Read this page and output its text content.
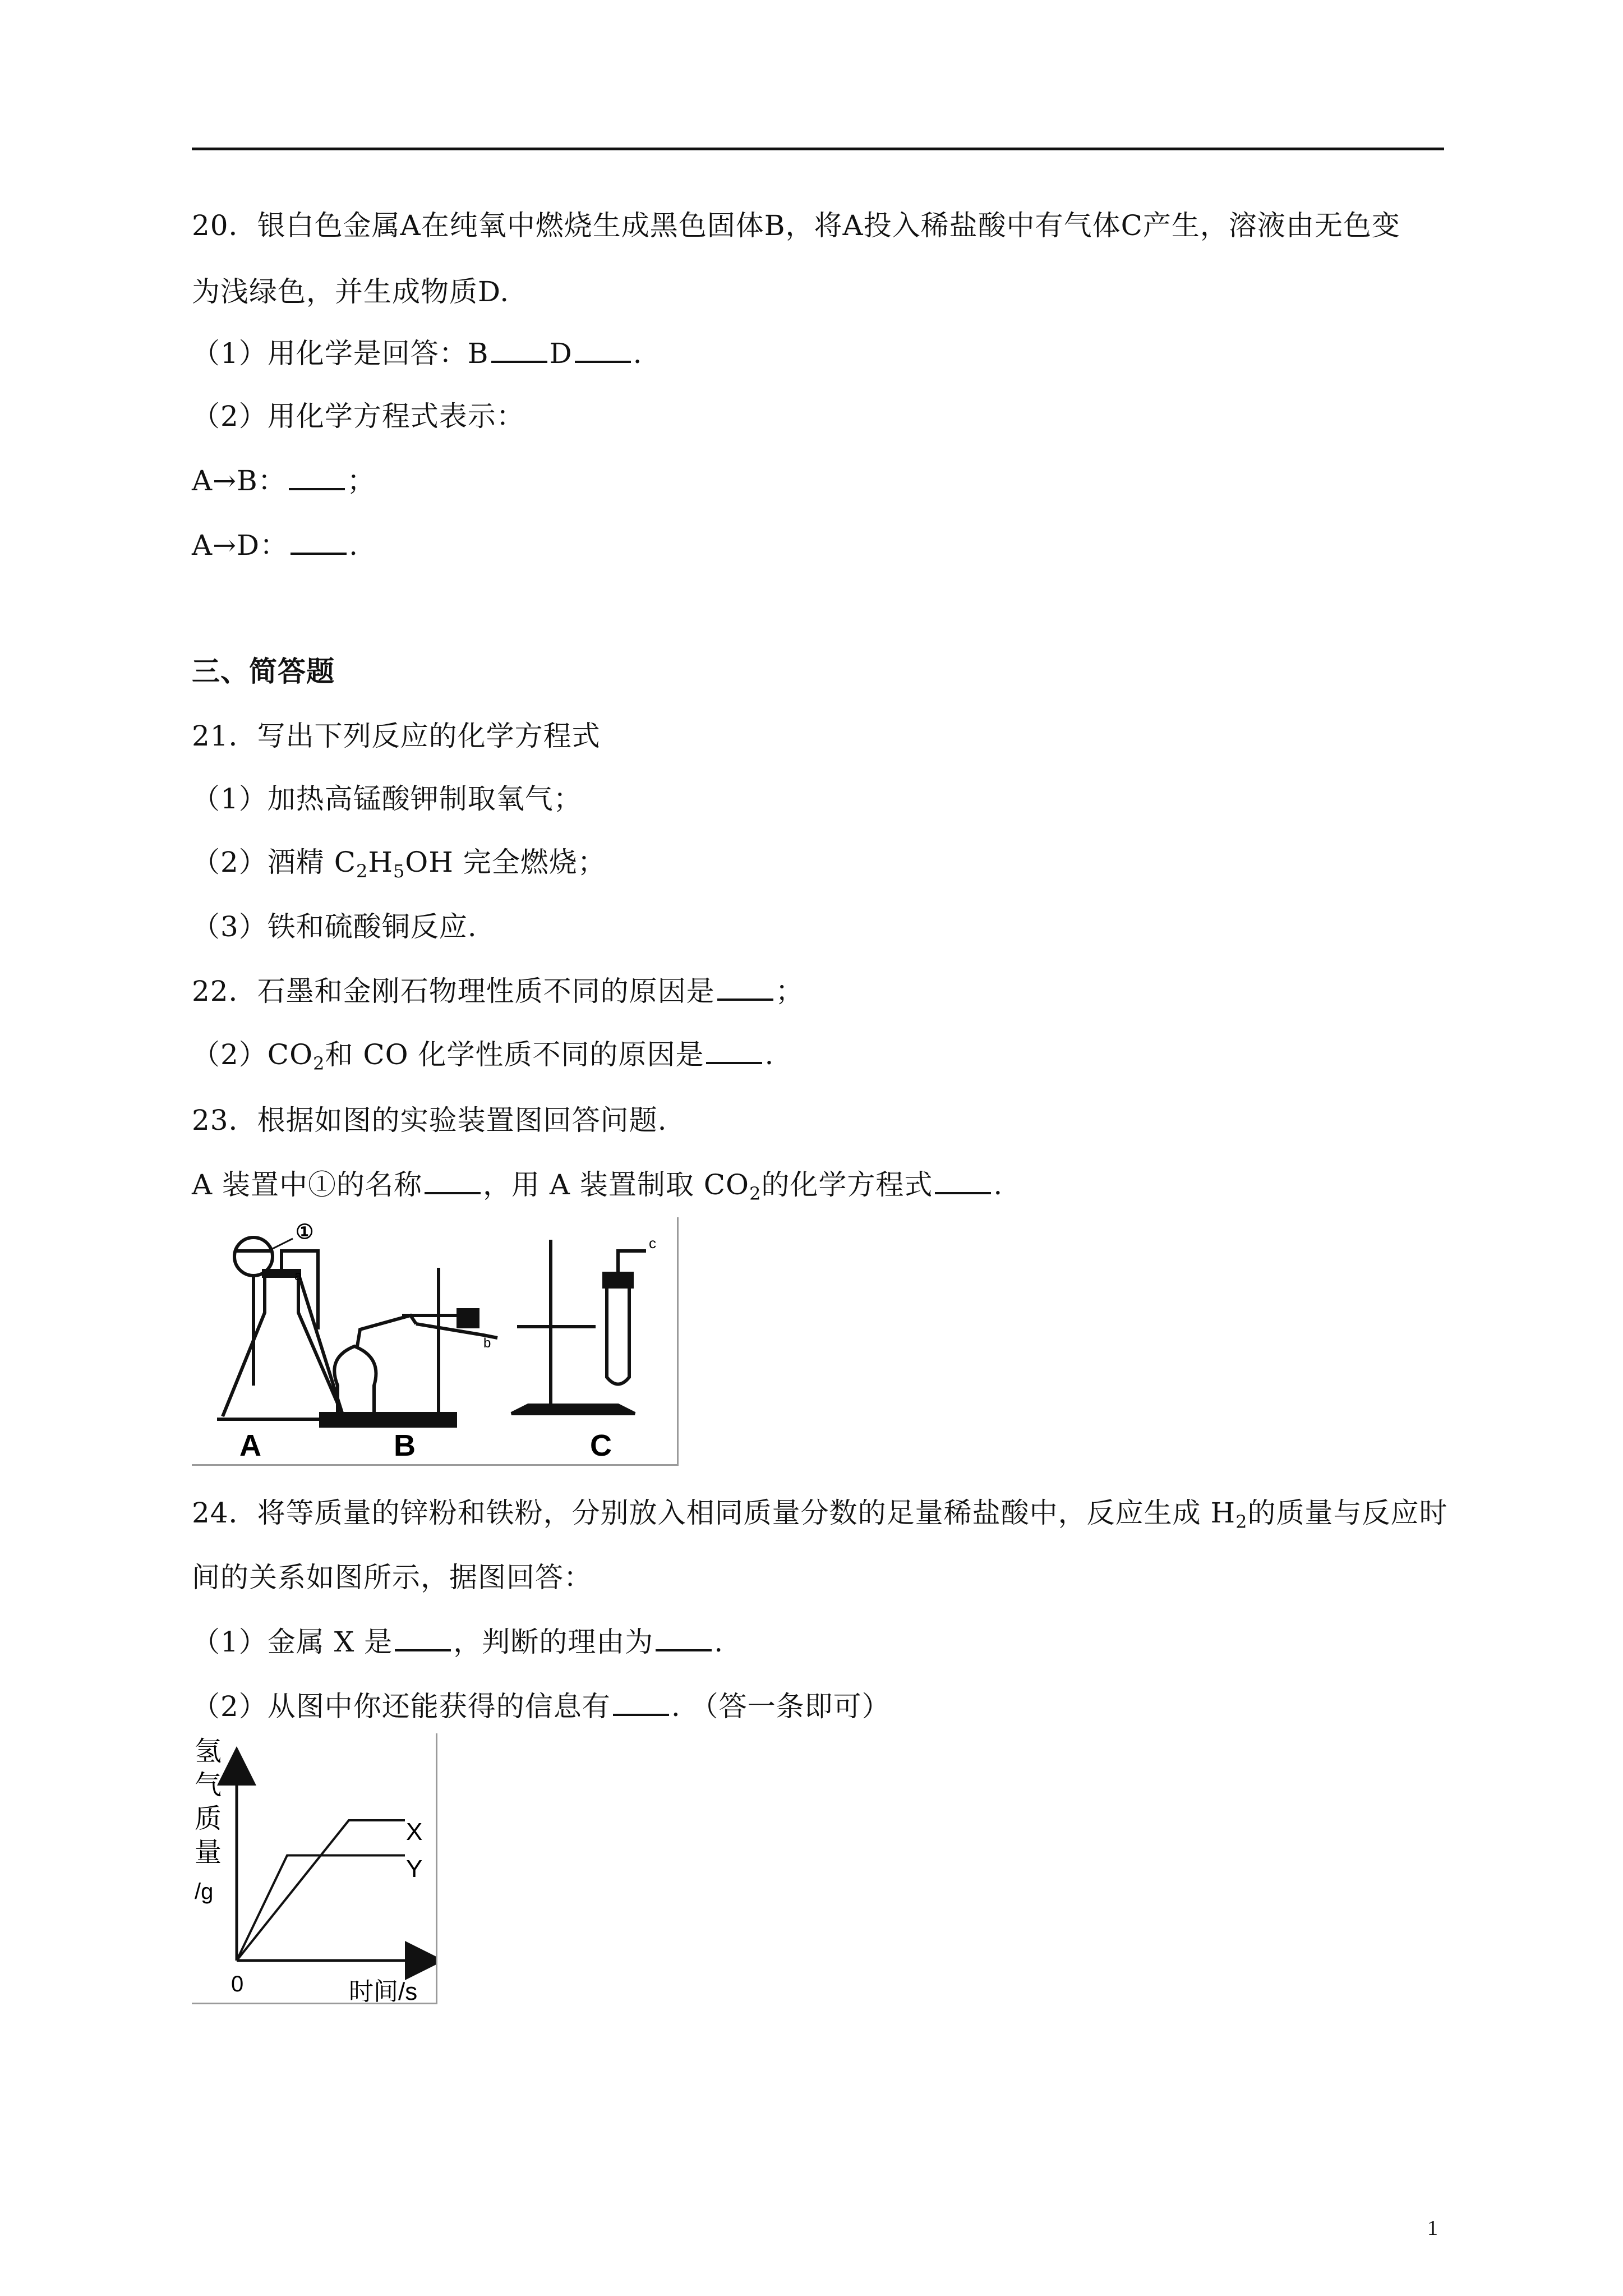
20．银白色金属A在纯氧中燃烧生成黑色固体B，将A投入稀盐酸中有气体C产生，溶液由无色变
为浅绿色，并生成物质D.
（1）用化学是回答：B D .
（2）用化学方程式表示：
A→B： ；
A→D： .
三、简答题
21．写出下列反应的化学方程式
（1）加热高锰酸钾制取氧气；
（2）酒精 $C_2H_5OH$ 完全燃烧；
（3）铁和硫酸铜反应.
22．石墨和金刚石物理性质不同的原因是 ；
$(2)CO_2$和 CO 化学性质不同的原因是 .
23．根据如图的实验装置图回答问题.
A 装置中①的名称 ，用 A 装置制取 $CO_2$的化学方程式 .
①
a
b
c
A	B	C
24．将等质量的锌粉和铁粉，分别放入相同质量分数的足量稀盐酸中，反应生成 $H_2$的质量与反应时
间的关系如图所示，据图回答：
（1）金属 X 是 ，判断的理由为 .
（2）从图中你还能获得的信息有 . （答一条即可）
氢
气
质
量
/g
0	时间/s
X
Y
1
